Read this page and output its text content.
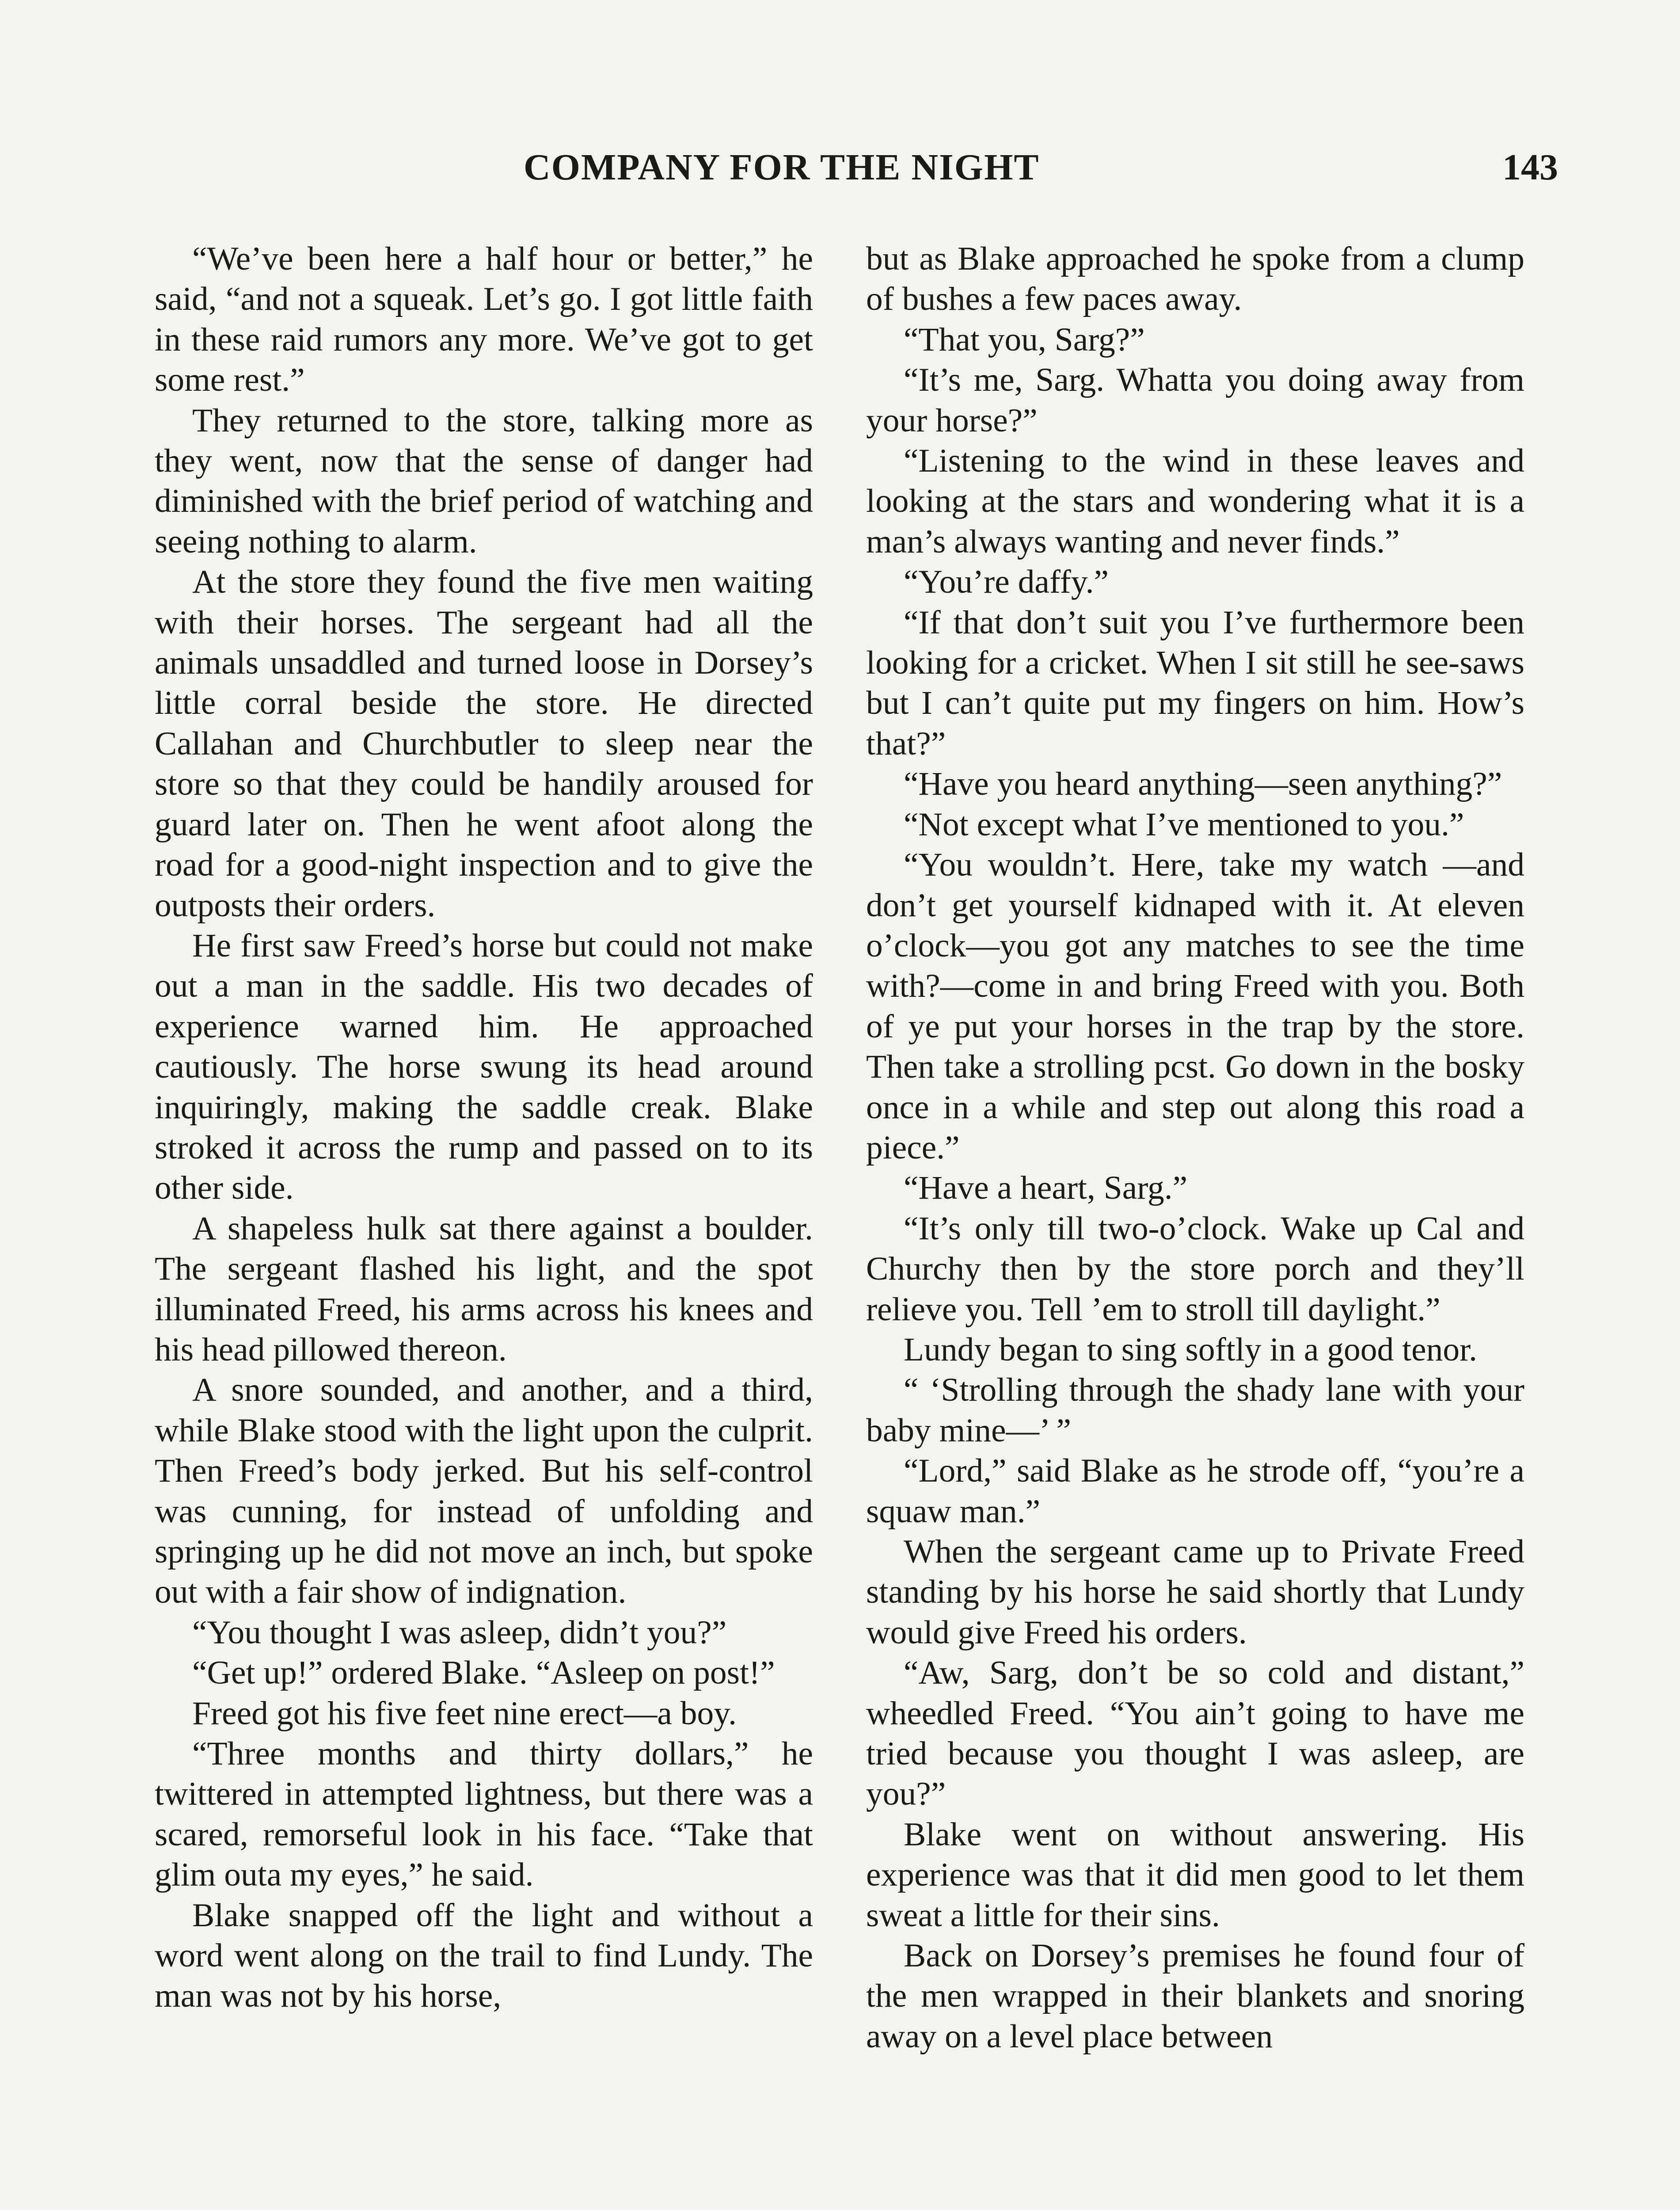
COMPANY FOR THE NIGHT	143

“We’ve been here a half hour or better,” he said, “and not a squeak. Let’s go. I got little faith in these raid rumors any more. We’ve got to get some rest.”

They returned to the store, talking more as they went, now that the sense of danger had diminished with the brief period of watching and seeing nothing to alarm.

At the store they found the five men waiting with their horses. The sergeant had all the animals unsaddled and turned loose in Dorsey’s little corral beside the store. He directed Callahan and Churchbutler to sleep near the store so that they could be handily aroused for guard later on. Then he went afoot along the road for a good-night inspection and to give the outposts their orders.

He first saw Freed’s horse but could not make out a man in the saddle. His two decades of experience warned him. He approached cautiously. The horse swung its head around inquiringly, making the saddle creak. Blake stroked it across the rump and passed on to its other side.

A shapeless hulk sat there against a boulder. The sergeant flashed his light, and the spot illuminated Freed, his arms across his knees and his head pillowed thereon.

A snore sounded, and another, and a third, while Blake stood with the light upon the culprit. Then Freed’s body jerked. But his self-control was cunning, for instead of unfolding and springing up he did not move an inch, but spoke out with a fair show of indignation.

“You thought I was asleep, didn’t you?”

“Get up!” ordered Blake. “Asleep on post!”

Freed got his five feet nine erect—a boy.

“Three months and thirty dollars,” he twittered in attempted lightness, but there was a scared, remorseful look in his face. “Take that glim outa my eyes,” he said.

Blake snapped off the light and without a word went along on the trail to find Lundy. The man was not by his horse,

but as Blake approached he spoke from a clump of bushes a few paces away.

“That you, Sarg?”

“It’s me, Sarg. Whatta you doing away from your horse?”

“Listening to the wind in these leaves and looking at the stars and wondering what it is a man’s always wanting and never finds.”

“You’re daffy.”

“If that don’t suit you I’ve furthermore been looking for a cricket. When I sit still he see-saws but I can’t quite put my fingers on him. How’s that?”

“Have you heard anything—seen anything?”

“Not except what I’ve mentioned to you.”

“You wouldn’t. Here, take my watch —and don’t get yourself kidnaped with it. At eleven o’clock—you got any matches to see the time with?—come in and bring Freed with you. Both of ye put your horses in the trap by the store. Then take a strolling pcst. Go down in the bosky once in a while and step out along this road a piece.”

“Have a heart, Sarg.”

“It’s only till two-o’clock. Wake up Cal and Churchy then by the store porch and they’ll relieve you. Tell ’em to stroll till daylight.”

Lundy began to sing softly in a good tenor.

“ ‘Strolling through the shady lane with your baby mine—’ ”

“Lord,” said Blake as he strode off, “you’re a squaw man.”

When the sergeant came up to Private Freed standing by his horse he said shortly that Lundy would give Freed his orders.

“Aw, Sarg, don’t be so cold and distant,” wheedled Freed. “You ain’t going to have me tried because you thought I was asleep, are you?”

Blake went on without answering. His experience was that it did men good to let them sweat a little for their sins.

Back on Dorsey’s premises he found four of the men wrapped in their blankets and snoring away on a level place between
